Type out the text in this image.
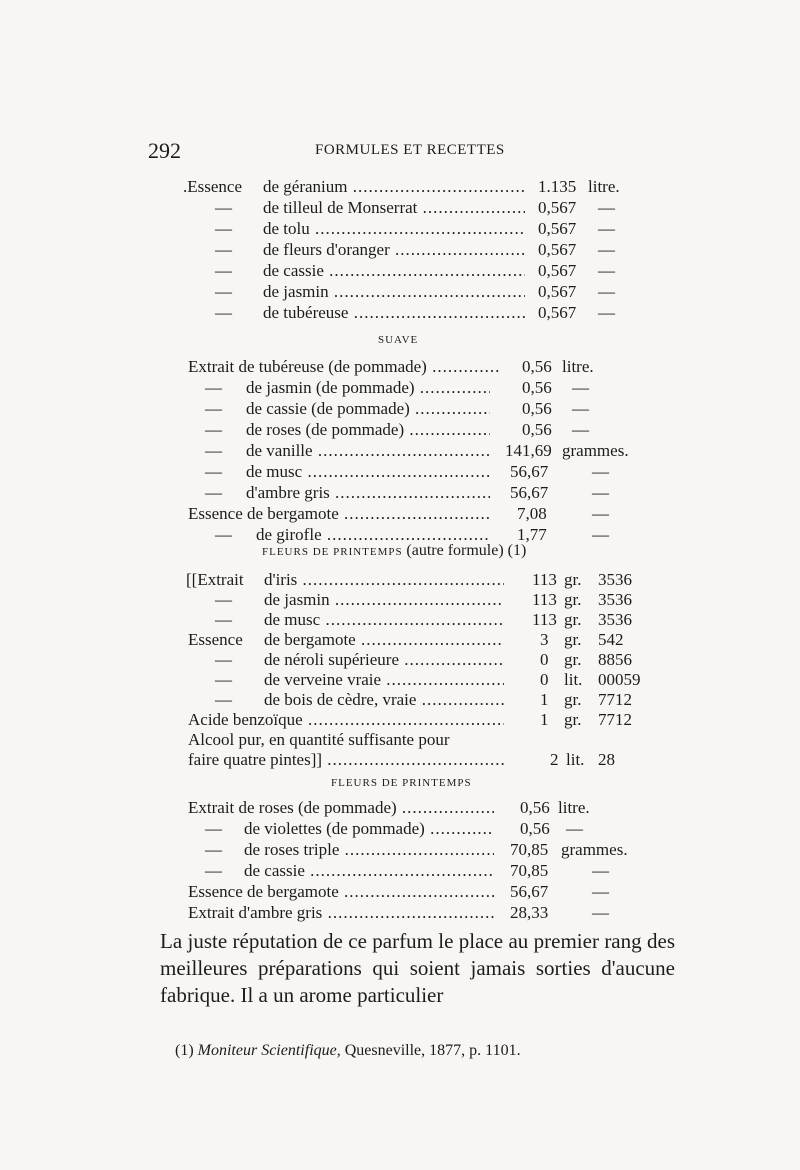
292	FORMULES ET RECETTES
.Essence de géranium .....	1.135 litre.
— de tilleul de Monserrat .....	0,567 —
— de tolu .....	0,567 —
— de fleurs d'oranger .....	0,567 —
— de cassie .....	0,567 —
— de jasmin .....	0,567 —
— de tubéreuse .....	0,567 —
SUAVE
Extrait de tubéreuse (de pommade) .....	0,56 litre.
— de jasmin (de pommade) .....	0,56 —
— de cassie (de pommade) .....	0,56 —
— de roses (de pommade) .....	0,56 —
— de vanille .....	141,69 grammes.
— de musc .....	56,67	—
— d'ambre gris .....	56,67	—
Essence de bergamote .....	7,08	—
— de girofle .....	1,77	—
FLEURS DE PRINTEMPS (autre formule) (1)
[[Extrait d'iris .....	113 gr. 3536
— de jasmin .....	113 gr. 3536
— de musc .....	113 gr. 3536
Essence de bergamote .....	3 gr. 542
— de néroli supérieure .....	0 gr. 8856
— de verveine vraie .....	0 lit. 00059
— de bois de cèdre, vraie .....	1 gr. 7712
Acide benzoïque .....	1 gr. 7712
Alcool pur, en quantité suffisante pour
faire quatre pintes]] .....	2 lit. 28
FLEURS DE PRINTEMPS
Extrait de roses (de pommade) .....	0,56 litre.
— de violettes (de pommade) .....	0,56 —
— de roses triple .....	70,85 grammes.
— de cassie .....	70,85	—
Essence de bergamote .....	56,67	—
Extrait d'ambre gris .....	28,33	—
La juste réputation de ce parfum le place au premier rang des meilleures préparations qui soient jamais sorties d'aucune fabrique. Il a un arome particulier
(1) Moniteur Scientifique, Quesneville, 1877, p. 1101.
